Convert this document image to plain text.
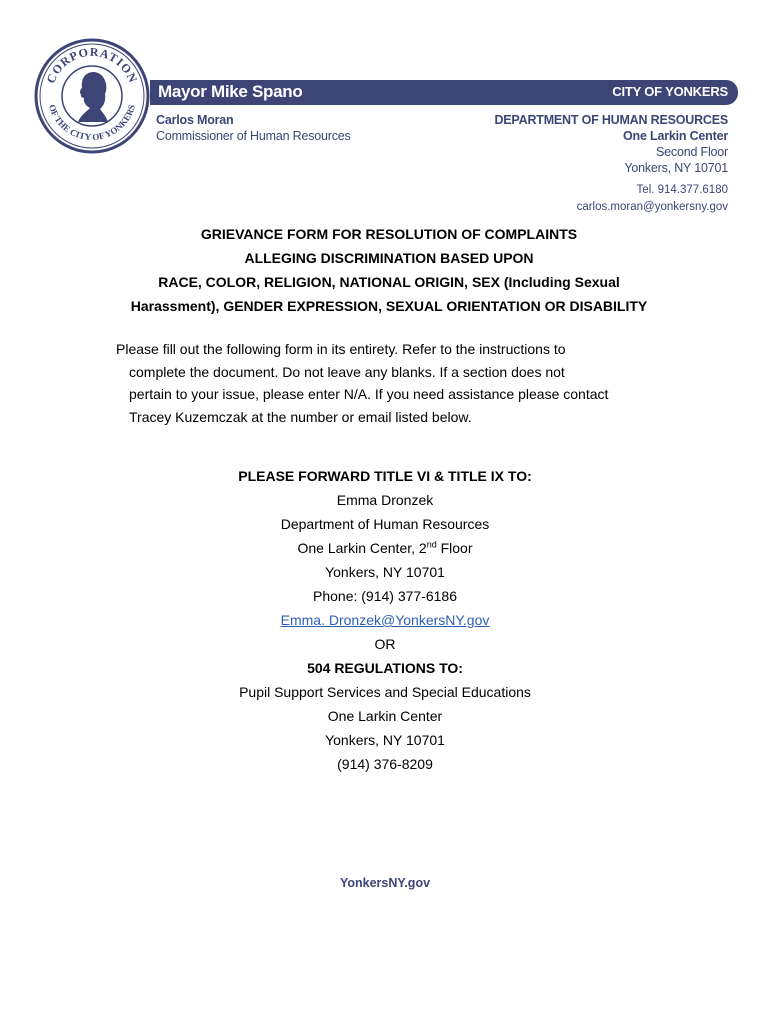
CORPORATION
OF THE CITY OF YONKERS
Mayor Mike Spano	CITY OF YONKERS
Carlos Moran
Commissioner of Human Resources
DEPARTMENT OF HUMAN RESOURCES
One Larkin Center
Second Floor
Yonkers, NY 10701
Tel. 914.377.6180
carlos.moran@yonkersny.gov
GRIEVANCE FORM FOR RESOLUTION OF COMPLAINTS
ALLEGING DISCRIMINATION BASED UPON
RACE, COLOR, RELIGION, NATIONAL ORIGIN, SEX (Including Sexual
Harassment), GENDER EXPRESSION, SEXUAL ORIENTATION OR DISABILITY
Please fill out the following form in its entirety. Refer to the instructions to
complete the document. Do not leave any blanks. If a section does not
pertain to your issue, please enter N/A. If you need assistance please contact
Tracey Kuzemczak at the number or email listed below.
PLEASE FORWARD TITLE VI & TITLE IX TO:
Emma Dronzek
Department of Human Resources
One Larkin Center, 2nd Floor
Yonkers, NY 10701
Phone: (914) 377-6186
Emma. Dronzek@YonkersNY.gov
OR
504 REGULATIONS TO:
Pupil Support Services and Special Educations
One Larkin Center
Yonkers, NY 10701
(914) 376-8209
YonkersNY.gov
